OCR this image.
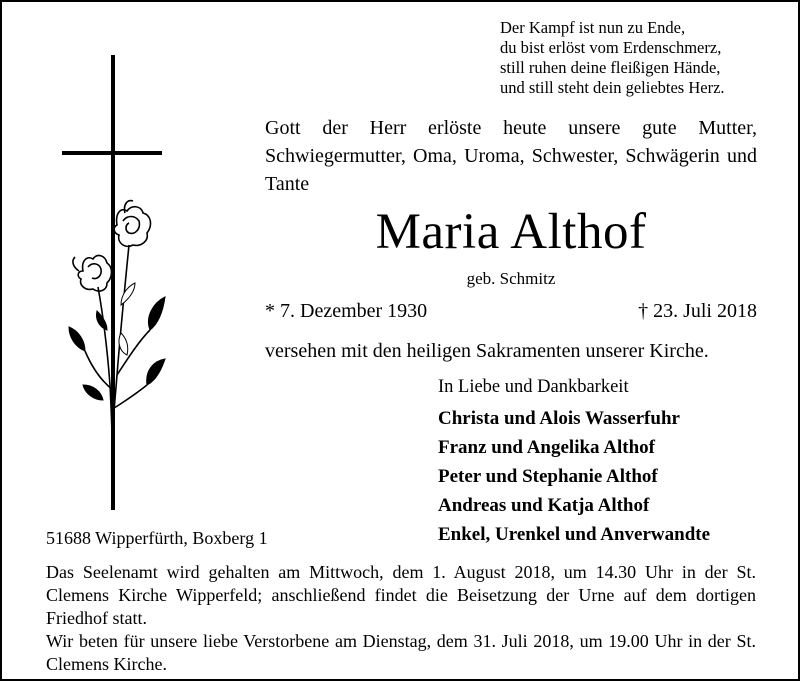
Der Kampf ist nun zu Ende,
du bist erlöst vom Erdenschmerz,
still ruhen deine fleißigen Hände,
und still steht dein geliebtes Herz.
Gott der Herr erlöste heute unsere gute Mutter, Schwiegermutter, Oma, Uroma, Schwester, Schwägerin und Tante
Maria Althof
geb. Schmitz
* 7. Dezember 1930	† 23. Juli 2018
versehen mit den heiligen Sakramenten unserer Kirche.
In Liebe und Dankbarkeit
Christa und Alois Wasserfuhr
Franz und Angelika Althof
Peter und Stephanie Althof
Andreas und Katja Althof
Enkel, Urenkel und Anverwandte
51688 Wipperfürth, Boxberg 1

Das Seelenamt wird gehalten am Mittwoch, dem 1. August 2018, um 14.30 Uhr in der St. Clemens Kirche Wipperfeld; anschließend findet die Beisetzung der Urne auf dem dortigen Friedhof statt.

Wir beten für unsere liebe Verstorbene am Dienstag, dem 31. Juli 2018, um 19.00 Uhr in der St. Clemens Kirche.
